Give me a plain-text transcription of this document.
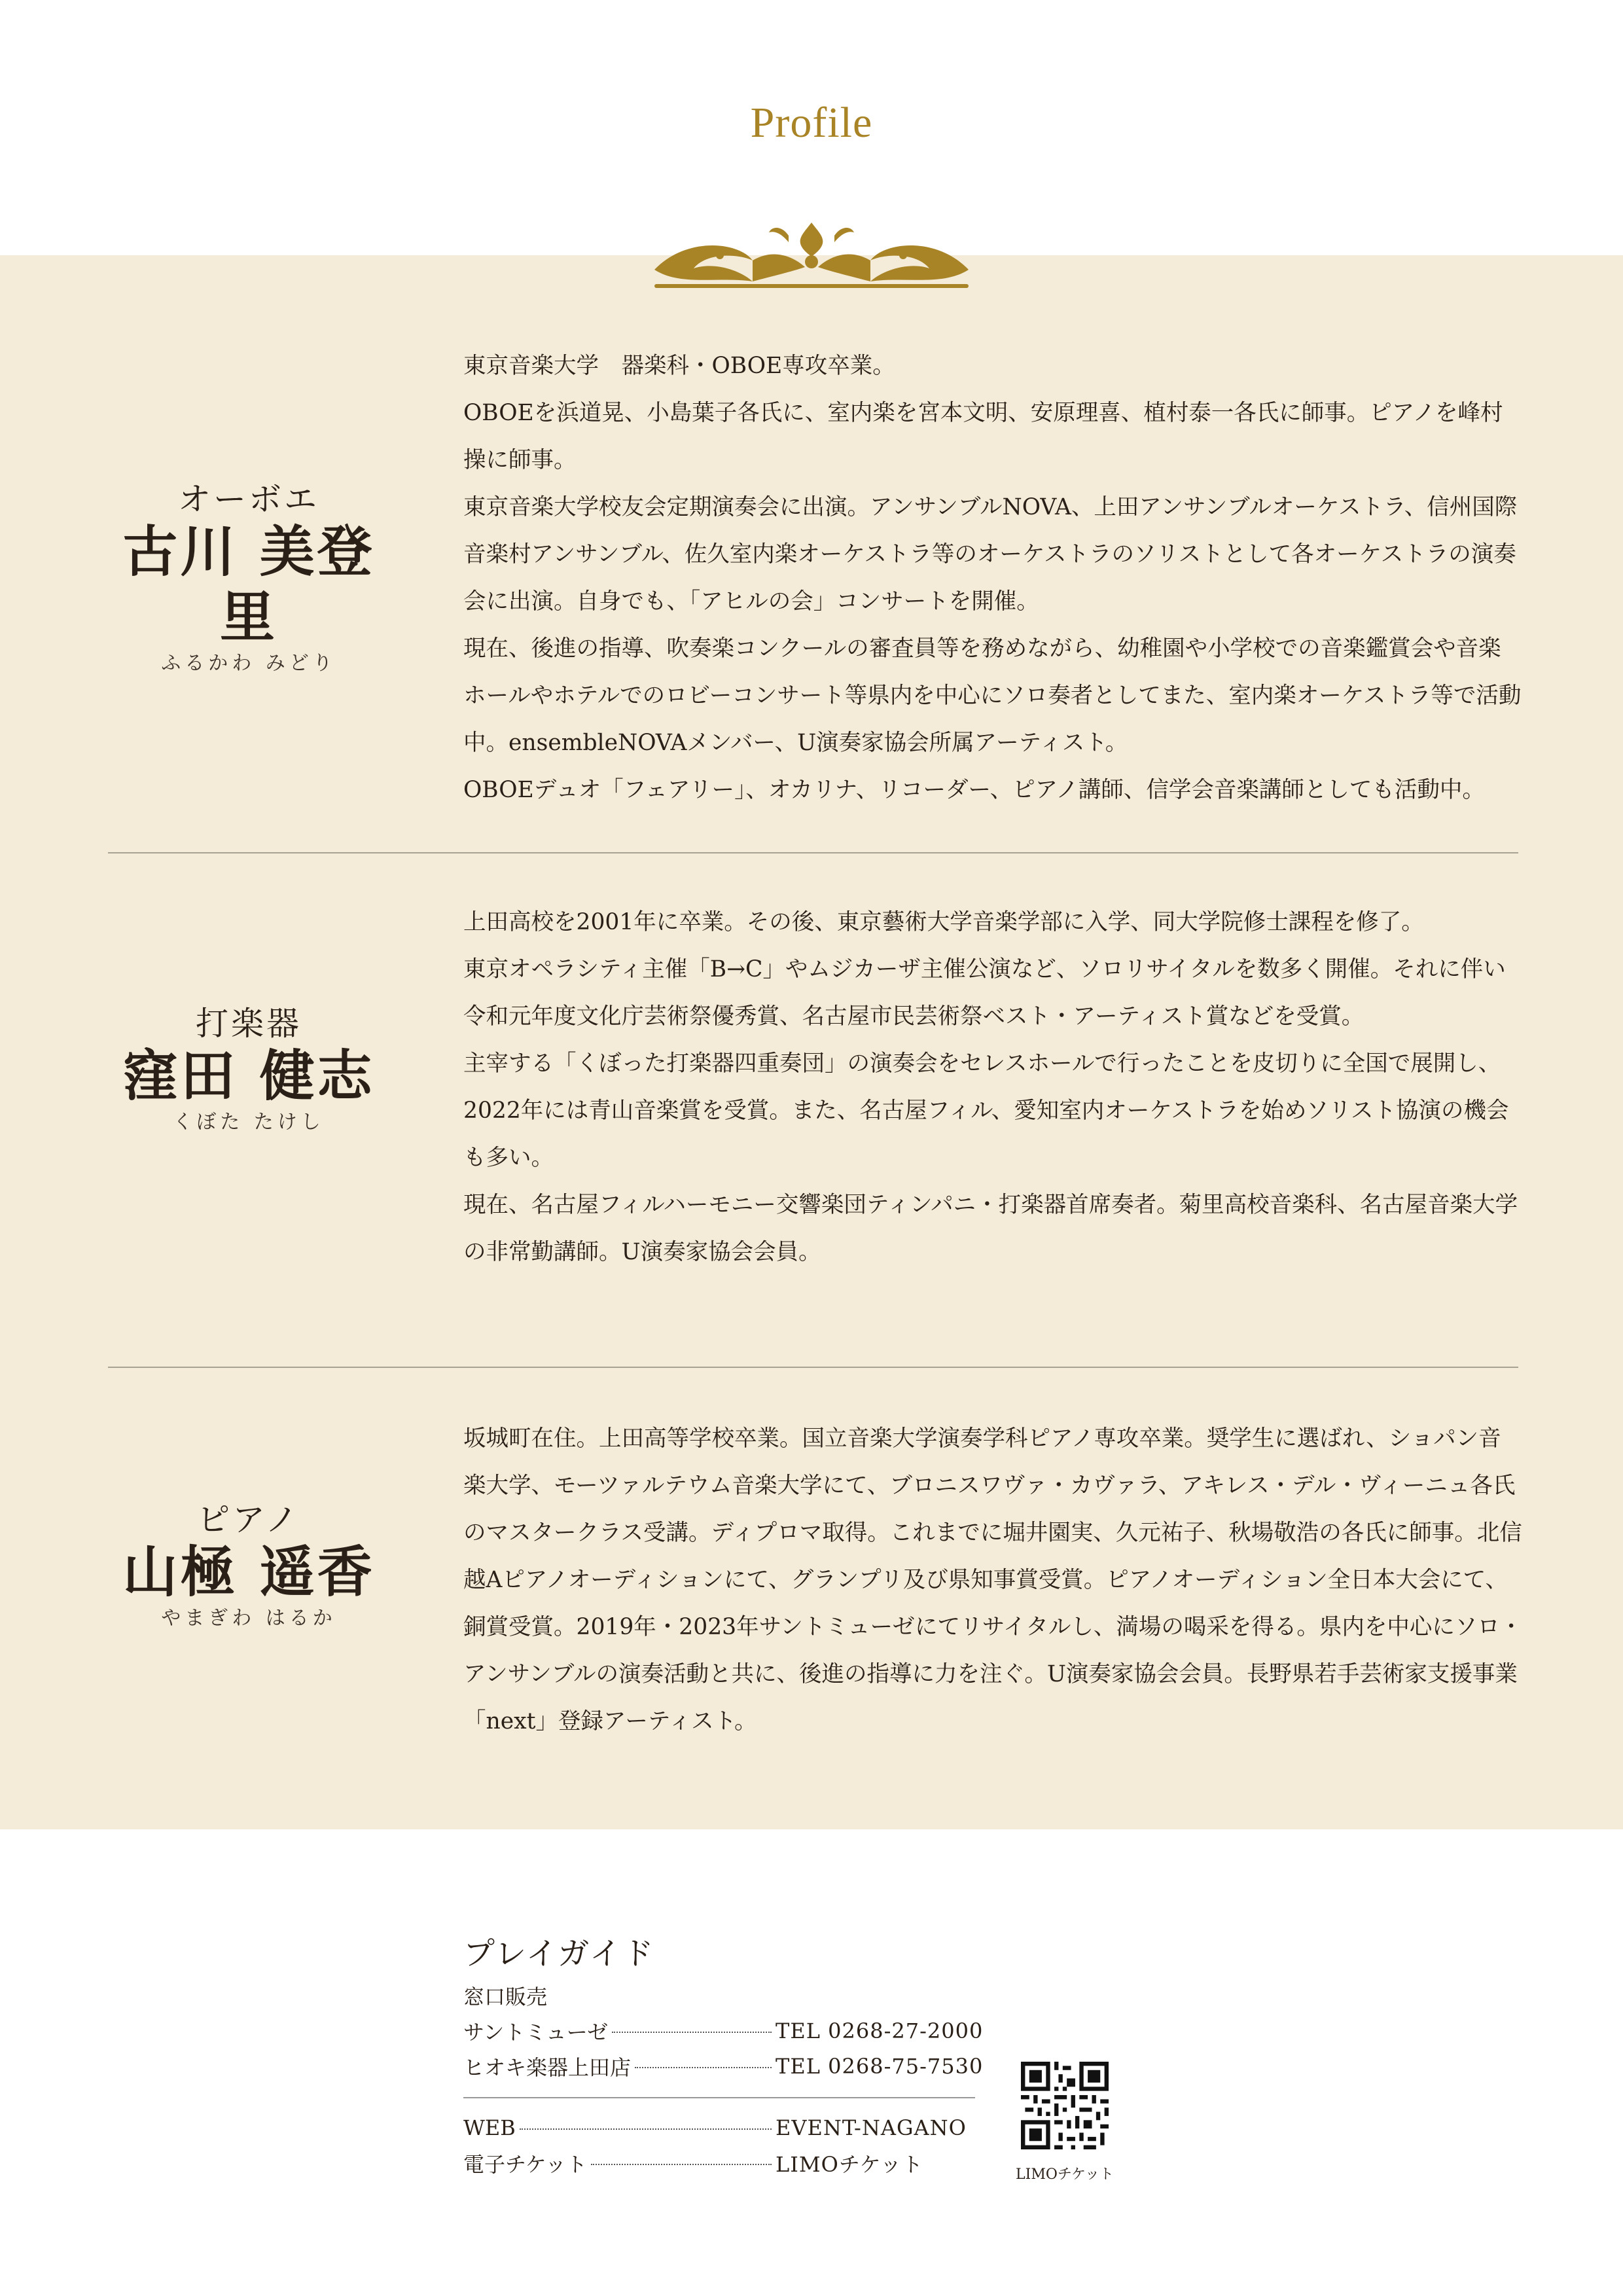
Profile
オーボエ
古川 美登里
ふるかわ みどり

東京音楽大学　器楽科・OBOE専攻卒業。

OBOEを浜道晃、小島葉子各氏に、室内楽を宮本文明、安原理喜、植村泰一各氏に師事。ピアノを峰村操に師事。

東京音楽大学校友会定期演奏会に出演。アンサンブルNOVA、上田アンサンブルオーケストラ、信州国際音楽村アンサンブル、佐久室内楽オーケストラ等のオーケストラのソリストとして各オーケストラの演奏会に出演。自身でも、「アヒルの会」コンサートを開催。

現在、後進の指導、吹奏楽コンクールの審査員等を務めながら、幼稚園や小学校での音楽鑑賞会や音楽ホールやホテルでのロビーコンサート等県内を中心にソロ奏者としてまた、室内楽オーケストラ等で活動中。ensembleNOVAメンバー、U演奏家協会所属アーティスト。

OBOEデュオ「フェアリー」、オカリナ、リコーダー、ピアノ講師、信学会音楽講師としても活動中。

打楽器
窪田 健志
くぼた たけし

上田高校を2001年に卒業。その後、東京藝術大学音楽学部に入学、同大学院修士課程を修了。

東京オペラシティ主催「B→C」やムジカーザ主催公演など、ソロリサイタルを数多く開催。それに伴い令和元年度文化庁芸術祭優秀賞、名古屋市民芸術祭ベスト・アーティスト賞などを受賞。

主宰する「くぼった打楽器四重奏団」の演奏会をセレスホールで行ったことを皮切りに全国で展開し、2022年には青山音楽賞を受賞。また、名古屋フィル、愛知室内オーケストラを始めソリスト協演の機会も多い。

現在、名古屋フィルハーモニー交響楽団ティンパニ・打楽器首席奏者。菊里高校音楽科、名古屋音楽大学の非常勤講師。U演奏家協会会員。

ピアノ
山極 遥香
やまぎわ はるか

坂城町在住。上田高等学校卒業。国立音楽大学演奏学科ピアノ専攻卒業。奨学生に選ばれ、ショパン音楽大学、モーツァルテウム音楽大学にて、ブロニスワヴァ・カヴァラ、アキレス・デル・ヴィーニュ各氏のマスタークラス受講。ディプロマ取得。これまでに堀井園実、久元祐子、秋場敬浩の各氏に師事。北信越Aピアノオーディションにて、グランプリ及び県知事賞受賞。ピアノオーディション全日本大会にて、銅賞受賞。2019年・2023年サントミューゼにてリサイタルし、満場の喝采を得る。県内を中心にソロ・アンサンブルの演奏活動と共に、後進の指導に力を注ぐ。U演奏家協会会員。長野県若手芸術家支援事業「next」登録アーティスト。

プレイガイド
窓口販売
サントミューゼ	TEL 0268-27-2000
ヒオキ楽器上田店	TEL 0268-75-7530
WEB	EVENT-NAGANO
電子チケット	LIMOチケット	LIMOチケット
